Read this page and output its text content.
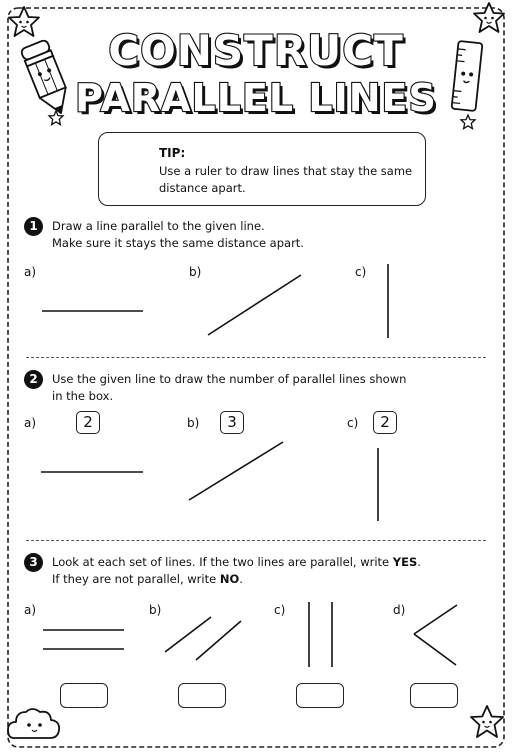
CONSTRUCT
PARALLEL LINES
TIP:
Use a ruler to draw lines that stay the same distance apart.
1	Draw a line parallel to the given line.
Make sure it stays the same distance apart.
a)	b)	c)
2	Use the given line to draw the number of parallel lines shown
in the box.
a)	2	b)	3	c)	2
3	Look at each set of lines. If the two lines are parallel, write YES.
If they are not parallel, write NO.
a)	b)	c)	d)
